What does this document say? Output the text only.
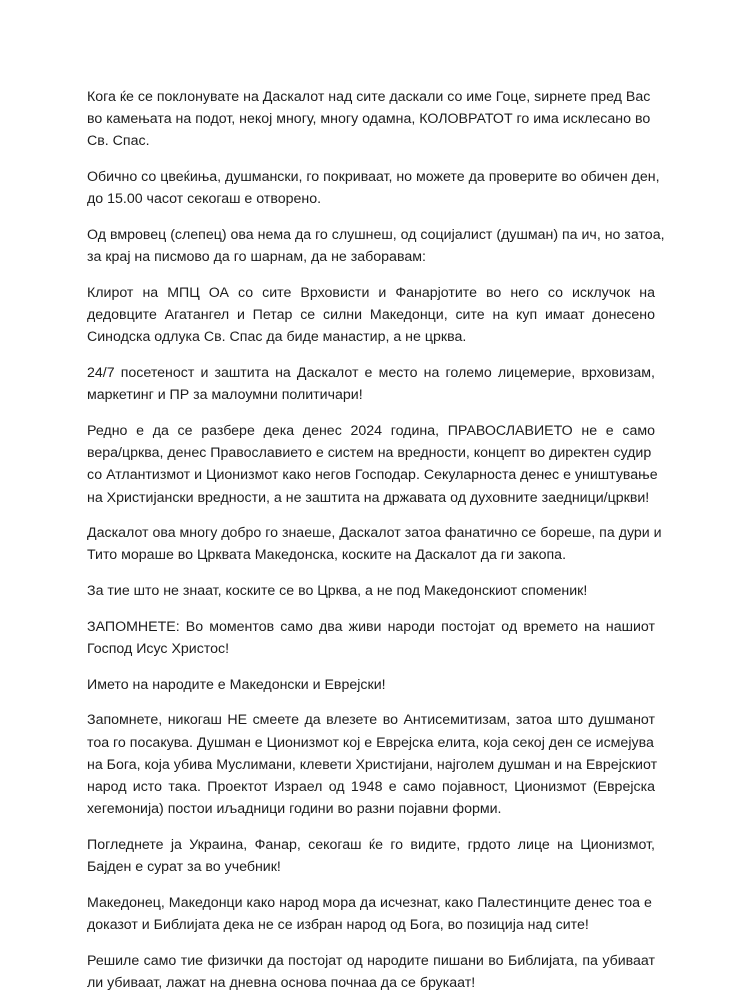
Кога ќе се поклонувате на Даскалот над сите даскали со име Гоце, ѕирнете пред Вас
во камењата на подот, некој многу, многу одамна, КОЛОВРАТОТ го има исклесано во
Св. Спас.

Обично со цвеќиња, душмански, го покриваат, но можете да проверите во обичен ден,
до 15.00 часот секогаш е отворено.

Од вмровец (слепец) ова нема да го слушнеш, од социјалист (душман) па ич, но затоа,
за крај на писмово да го шарнам, да не заборавам:

Клирот на МПЦ ОА со сите Врховисти и Фанарјотите во него со исклучок на
дедовците Агатангел и Петар се силни Македонци, сите на куп имаат донесено
Синодска одлука Св. Спас да биде манастир, а не црква.

24/7 посетеност и заштита на Даскалот е место на големо лицемерие, врховизам,
маркетинг и ПР за малоумни политичари!

Редно е да се разбере дека денес 2024 година, ПРАВОСЛАВИЕТО не е само
вера/црква, денес Православието е систем на вредности, концепт во директен судир
со Атлантизмот и Ционизмот како негов Господар. Секуларноста денес е уништување
на Христијански вредности, а не заштита на државата од духовните заедници/цркви!

Даскалот ова многу добро го знаеше, Даскалот затоа фанатично се бореше, па дури и
Тито мораше во Црквата Македонска, коските на Даскалот да ги закопа.

За тие што не знаат, коските се во Црква, а не под Македонскиот споменик!

ЗАПОМНЕТЕ: Во моментов само два живи народи постојат од времето на нашиот
Господ Исус Христос!

Името на народите е Македонски и Еврејски!

Запомнете, никогаш НЕ смеете да влезете во Антисемитизам, затоа што душманот
тоа го посакува. Душман е Ционизмот кој е Еврејска елита, која секој ден се исмејува
на Бога, која убива Муслимани, клевети Христијани, најголем душман и на Еврејскиот
народ исто така. Проектот Израел од 1948 е само појавност, Ционизмот (Еврејска
хегемонија) постои иљадници години во разни појавни форми.

Погледнете ја Украина, Фанар, секогаш ќе го видите, грдото лице на Ционизмот,
Бајден е сурат за во учебник!

Македонец, Македонци како народ мора да исчезнат, како Палестинците денес тоа е
доказот и Библијата дека не се избран народ од Бога, во позиција над сите!

Решиле само тие физички да постојат од народите пишани во Библијата, па убиваат
ли убиваат, лажат на дневна основа почнаа да се брукаат!
